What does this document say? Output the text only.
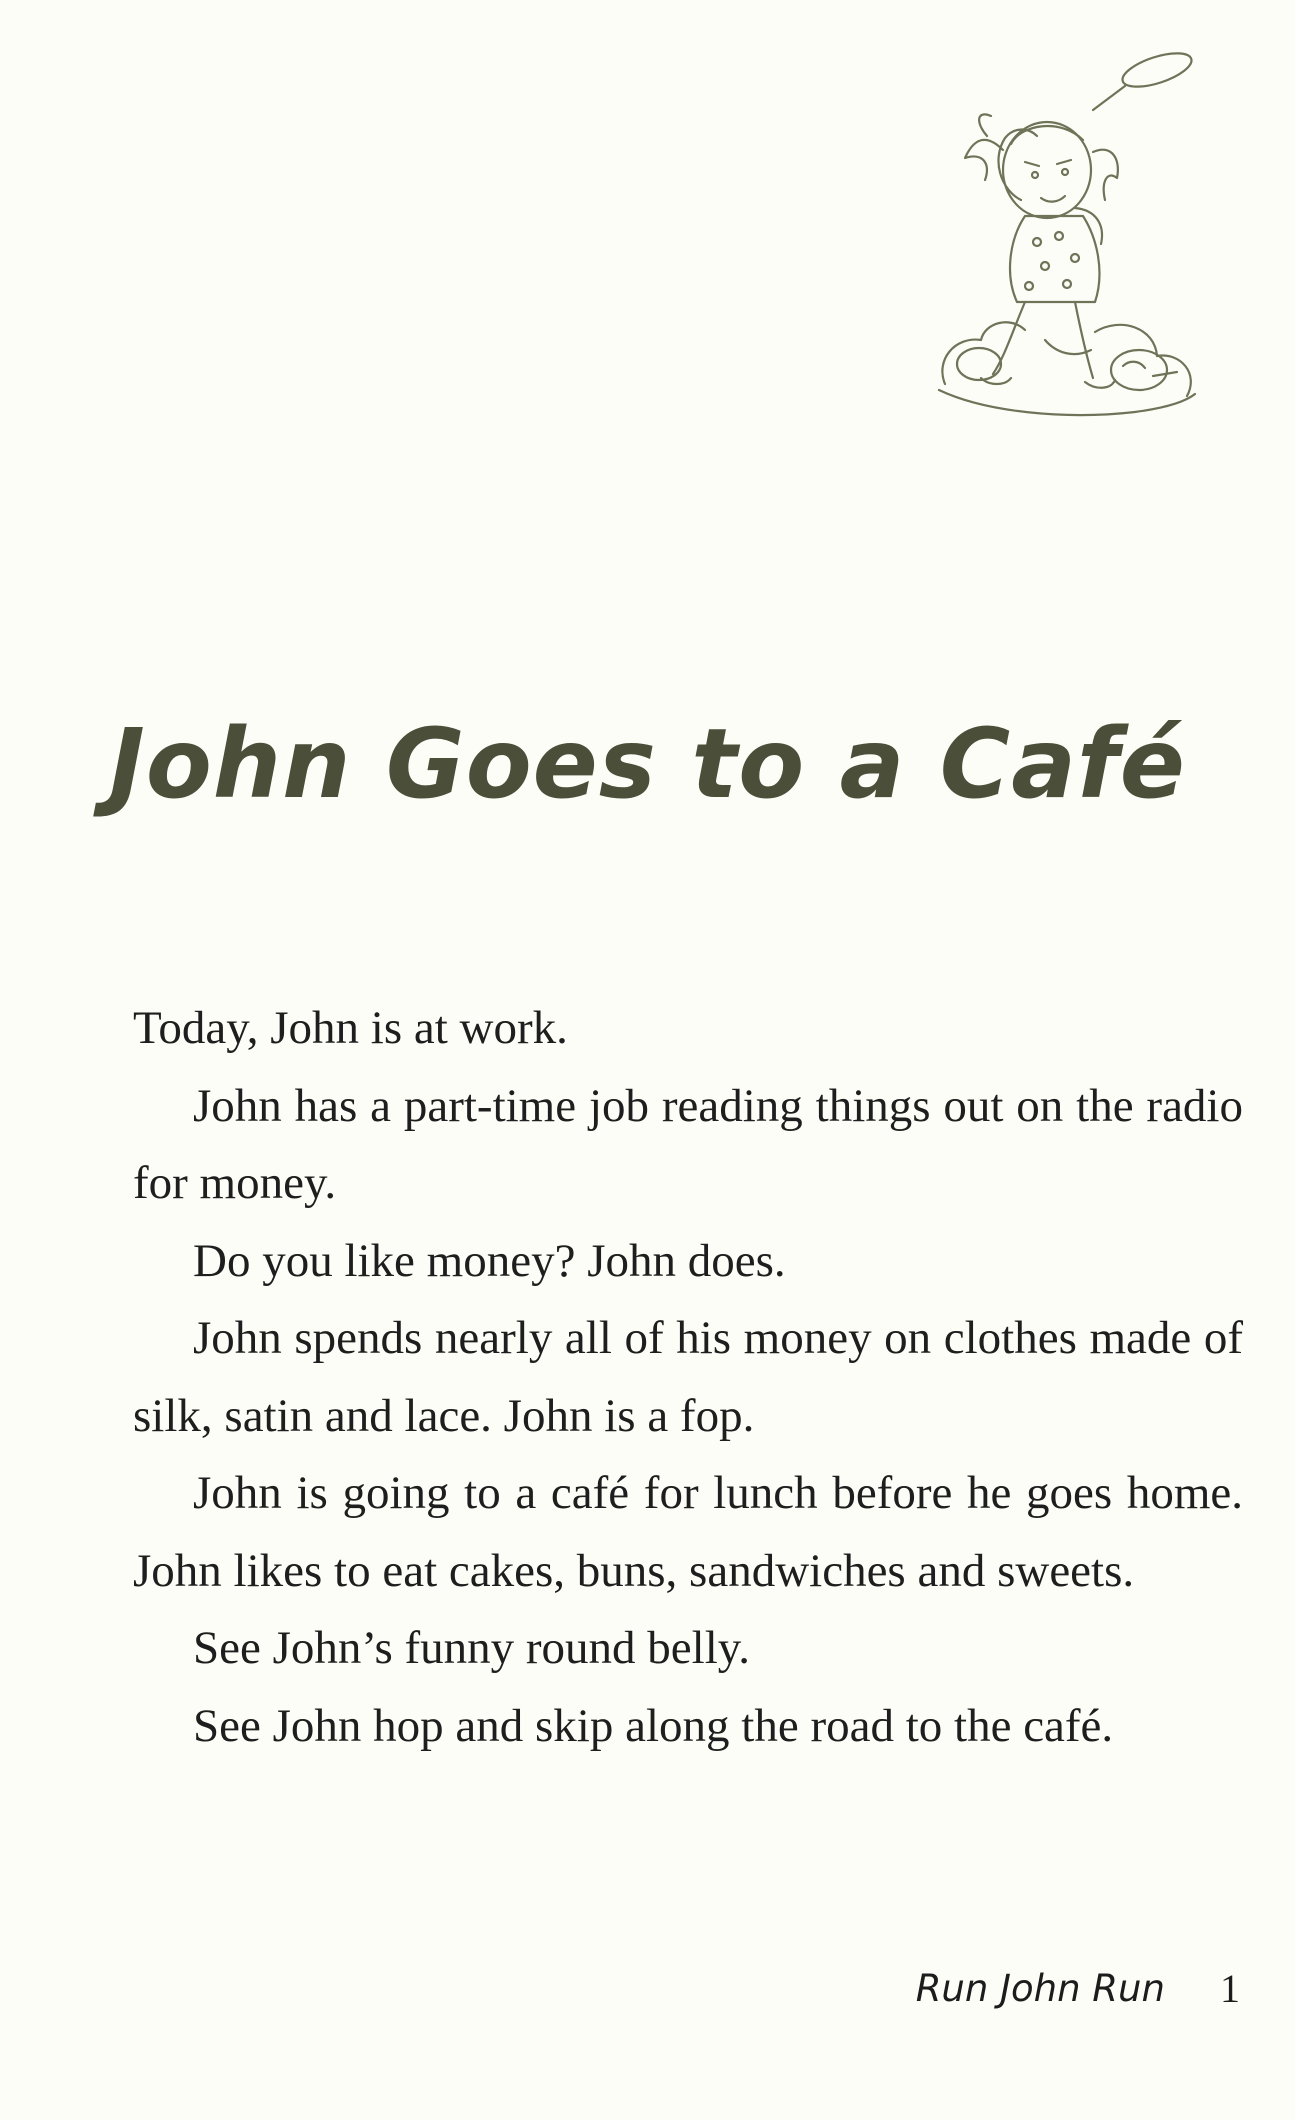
John Goes to a Café

Today, John is at work.

John has a part-time job reading things out on the radio for money.

Do you like money? John does.

John spends nearly all of his money on clothes made of silk, satin and lace. John is a fop.

John is going to a café for lunch before he goes home. John likes to eat cakes, buns, sandwiches and sweets.

See John’s funny round belly.

See John hop and skip along the road to the café.

Run John Run 1
